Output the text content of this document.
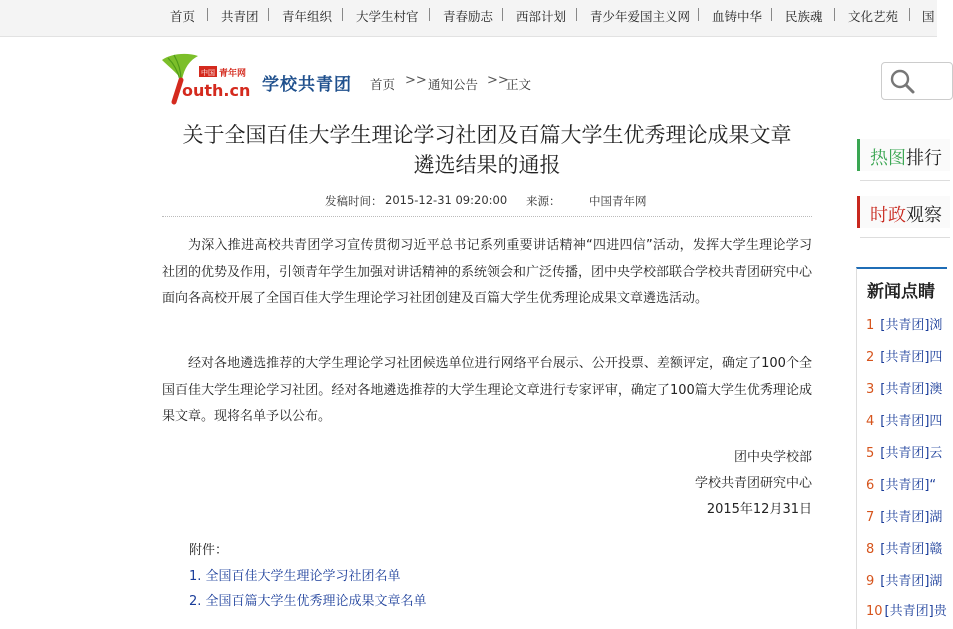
首页 共青团 青年组织 大学生村官 青春励志 西部计划 青少年爱国主义网 血铸中华 民族魂 文化艺苑 国
中国 青年网
outh.cn 学校共青团 首页 >> 通知公告 >>
正文
关于全国百佳大学生理论学习社团及百篇大学生优秀理论成果文章
遴选结果的通报
发稿时间： 2015-12-31 09:20:00 来源： 中国青年网
为深入推进高校共青团学习宣传贯彻习近平总书记系列重要讲话精神“四进四信”活动，发挥大学生理论学习社团的优势及作用，引领青年学生加强对讲话精神的系统领会和广泛传播，团中央学校部联合学校共青团研究中心面向各高校开展了全国百佳大学生理论学习社团创建及百篇大学生优秀理论成果文章遴选活动。
经对各地遴选推荐的大学生理论学习社团候选单位进行网络平台展示、公开投票、差额评定，确定了100个全国百佳大学生理论学习社团。经对各地遴选推荐的大学生理论文章进行专家评审，确定了100篇大学生优秀理论成果文章。现将名单予以公布。
团中央学校部
学校共青团研究中心
2015年12月31日
附件：
1. 全国百佳大学生理论学习社团名单
2. 全国百篇大学生优秀理论成果文章名单
热图排行
时政观察
新闻点睛
1 [共青团]浏
2 [共青团]四
3 [共青团]澳
4 [共青团]四
5 [共青团]云
6 [共青团]“
7 [共青团]湖
8 [共青团]赣
9 [共青团]湖
10 [共青团]贵
